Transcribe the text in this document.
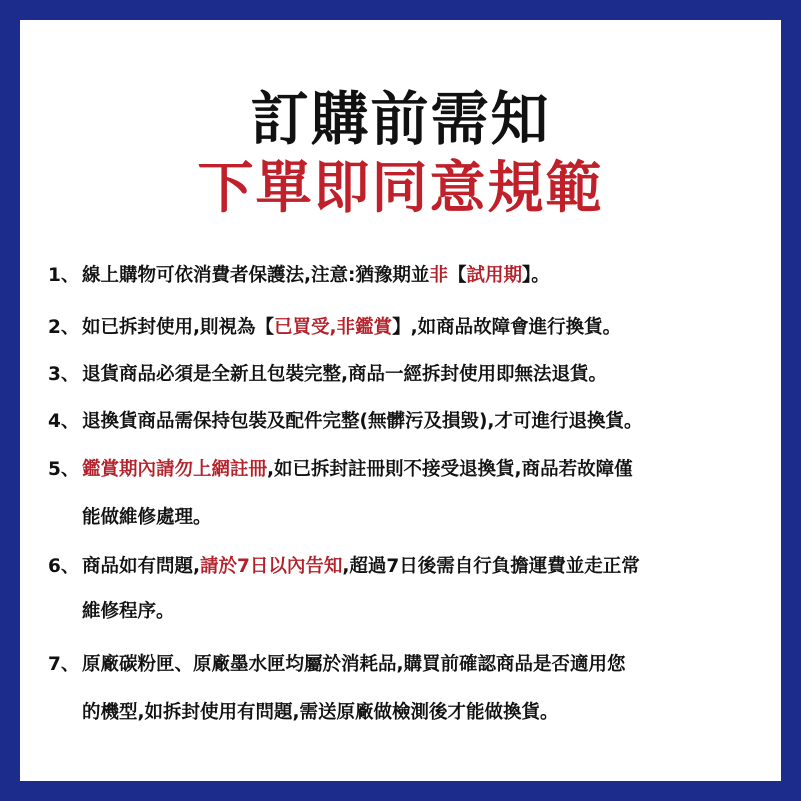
訂購前需知
下單即同意規範
1、 線上購物可依消費者保護法,注意:猶豫期並非【試用期】。
2、 如已拆封使用,則視為【已買受,非鑑賞】,如商品故障會進行換貨。
3、 退貨商品必須是全新且包裝完整,商品一經拆封使用即無法退貨。
4、 退換貨商品需保持包裝及配件完整(無髒污及損毀),才可進行退換貨。
5、 鑑賞期內請勿上網註冊,如已拆封註冊則不接受退換貨,商品若故障僅
能做維修處理。
6、 商品如有問題,請於7日以內告知,超過7日後需自行負擔運費並走正常
維修程序。
7、 原廠碳粉匣、原廠墨水匣均屬於消耗品,購買前確認商品是否適用您
的機型,如拆封使用有問題,需送原廠做檢測後才能做換貨。
